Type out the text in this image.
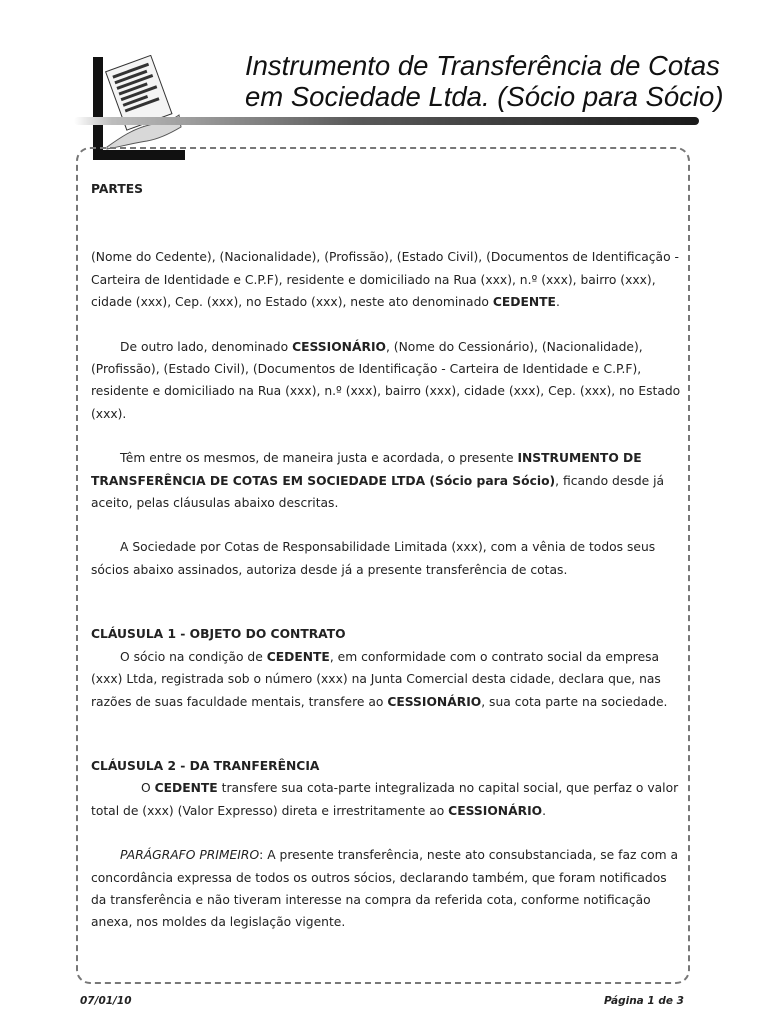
Instrumento de Transferência de Cotas
em Sociedade Ltda. (Sócio para Sócio)

PARTES

(Nome do Cedente), (Nacionalidade), (Profissão), (Estado Civil), (Documentos de Identificação - Carteira de Identidade e C.P.F), residente e domiciliado na Rua (xxx), n.º (xxx), bairro (xxx), cidade (xxx), Cep. (xxx), no Estado (xxx), neste ato denominado CEDENTE.

De outro lado, denominado CESSIONÁRIO, (Nome do Cessionário), (Nacionalidade), (Profissão), (Estado Civil), (Documentos de Identificação - Carteira de Identidade e C.P.F), residente e domiciliado na Rua (xxx), n.º (xxx), bairro (xxx), cidade (xxx), Cep. (xxx), no Estado (xxx).

Têm entre os mesmos, de maneira justa e acordada, o presente INSTRUMENTO DE TRANSFERÊNCIA DE COTAS EM SOCIEDADE LTDA (Sócio para Sócio), ficando desde já aceito, pelas cláusulas abaixo descritas.

A Sociedade por Cotas de Responsabilidade Limitada (xxx), com a vênia de todos seus sócios abaixo assinados, autoriza desde já a presente transferência de cotas.

CLÁUSULA 1 - OBJETO DO CONTRATO

O sócio na condição de CEDENTE, em conformidade com o contrato social da empresa (xxx) Ltda, registrada sob o número (xxx) na Junta Comercial desta cidade, declara que, nas razões de suas faculdade mentais, transfere ao CESSIONÁRIO, sua cota parte na sociedade.

CLÁUSULA 2 - DA TRANFERÊNCIA

O CEDENTE transfere sua cota-parte integralizada no capital social, que perfaz o valor total de (xxx) (Valor Expresso) direta e irrestritamente ao CESSIONÁRIO.

PARÁGRAFO PRIMEIRO: A presente transferência, neste ato consubstanciada, se faz com a concordância expressa de todos os outros sócios, declarando também, que foram notificados da transferência e não tiveram interesse na compra da referida cota, conforme notificação anexa, nos moldes da legislação vigente.

07/01/10	Página 1 de 3
